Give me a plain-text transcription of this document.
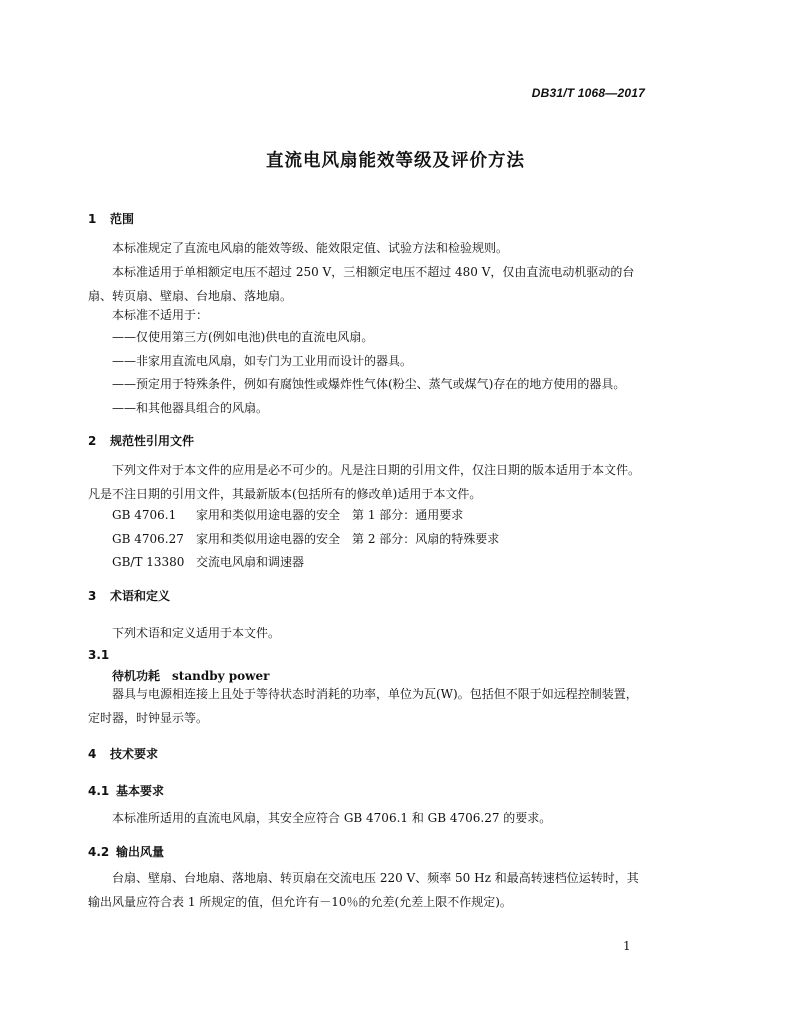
DB31/T 1068—2017
直流电风扇能效等级及评价方法
1 范围
本标准规定了直流电风扇的能效等级、能效限定值、试验方法和检验规则。
本标准适用于单相额定电压不超过 250 V，三相额定电压不超过 480 V，仅由直流电动机驱动的台扇、转页扇、壁扇、台地扇、落地扇。
本标准不适用于：
——仅使用第三方(例如电池)供电的直流电风扇。
——非家用直流电风扇，如专门为工业用而设计的器具。
——预定用于特殊条件，例如有腐蚀性或爆炸性气体(粉尘、蒸气或煤气)存在的地方使用的器具。
——和其他器具组合的风扇。
2 规范性引用文件
下列文件对于本文件的应用是必不可少的。凡是注日期的引用文件，仅注日期的版本适用于本文件。凡是不注日期的引用文件，其最新版本(包括所有的修改单)适用于本文件。
GB 4706.1 家用和类似用途电器的安全　第 1 部分：通用要求
GB 4706.27 家用和类似用途电器的安全　第 2 部分：风扇的特殊要求
GB/T 13380 交流电风扇和调速器
3 术语和定义
下列术语和定义适用于本文件。
3.1
待机功耗 standby power
器具与电源相连接上且处于等待状态时消耗的功率，单位为瓦(W)。包括但不限于如远程控制装置，定时器，时钟显示等。
4 技术要求
4.1 基本要求
本标准所适用的直流电风扇，其安全应符合 GB 4706.1 和 GB 4706.27 的要求。
4.2 输出风量
台扇、壁扇、台地扇、落地扇、转页扇在交流电压 220 V、频率 50 Hz 和最高转速档位运转时，其输出风量应符合表 1 所规定的值，但允许有－10％的允差(允差上限不作规定)。
1
